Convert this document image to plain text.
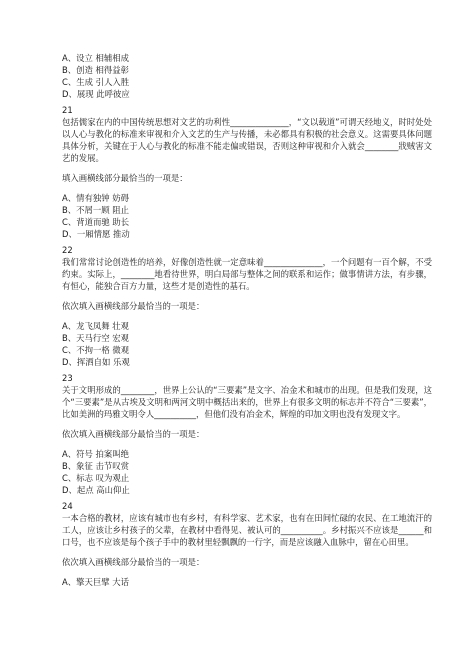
A、设立 相辅相成
B、创造 相得益彰
C、生成 引人入胜
D、展现 此呼彼应
21
包括儒家在内的中国传统思想对文艺的功利性______________，“文以载道”可谓天经地义，时时处处以人心与教化的标准来审视和介入文艺的生产与传播，未必都具有积极的社会意义。这需要具体问题具体分析，关键在于人心与教化的标准不能走偏或错误，否则这种审视和介入就会________戕贼害文艺的发展。
填入画横线部分最恰当的一项是：
A、情有独钟 妨碍
B、不屑一顾 阻止
C、背道而驰 助长
D、一厢情愿 推动
22
我们常常讨论创造性的培养，好像创造性就一定意味着______________，一个问题有一百个解，不受约束。实际上，________地看待世界，明白局部与整体之间的联系和运作；做事情讲方法，有步骤，有恒心，能独合百方力量，这些才是创造性的基石。
依次填入画横线部分最恰当的一项是：
A、龙飞凤舞 壮观
B、天马行空 宏观
C、不拘一格 微观
D、挥洒自如 乐观
23
关于文明形成的________，世界上公认的“三要素”是文字、冶金术和城市的出现。但是我们发现，这个“三要素”是从古埃及文明和两河文明中概括出来的，世界上有很多文明的标志并不符合“三要素”，比如美洲的玛雅文明令人__________，但他们没有冶金术，辉煌的印加文明也没有发现文字。
依次填入画横线部分最恰当的一项是：
A、符号 拍案叫绝
B、象征 击节叹赏
C、标志 叹为观止
D、起点 高山仰止
24
一本合格的教材，应该有城市也有乡村，有科学家、艺术家，也有在田间忙碌的农民、在工地流汗的工人，应该让乡村孩子的父辈，在教材中看得见、被认可的__________。乡村振兴不应该是______和口号，也不应该是每个孩子手中的教材里轻飘飘的一行字，而是应该融入血脉中，留在心田里。
依次填入画横线部分最恰当的一项是：
A、擎天巨擘 大话
